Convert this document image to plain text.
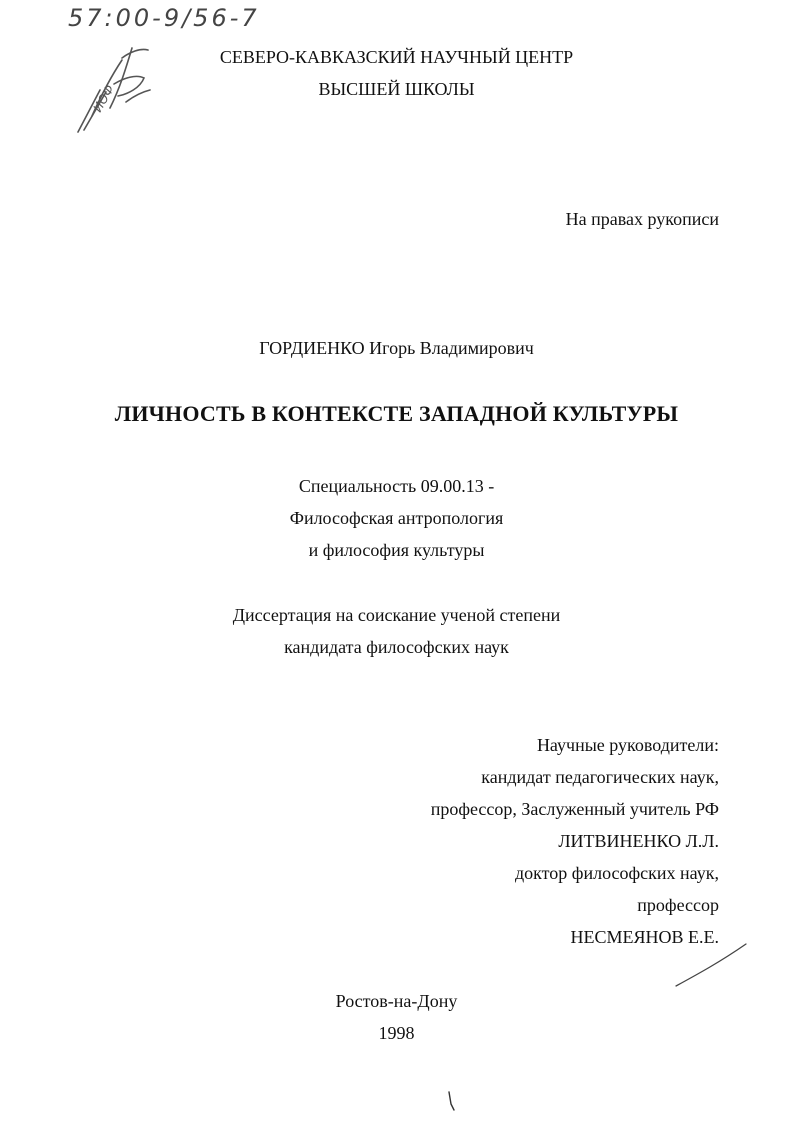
57:00-9/56-7
ИОФ
СЕВЕРО-КАВКАЗСКИЙ НАУЧНЫЙ ЦЕНТР
ВЫСШЕЙ ШКОЛЫ
На правах рукописи
ГОРДИЕНКО Игорь Владимирович
ЛИЧНОСТЬ В КОНТЕКСТЕ ЗАПАДНОЙ КУЛЬТУРЫ
Специальность 09.00.13 -
Философская антропология
и философия культуры
Диссертация на соискание ученой степени
кандидата философских наук
Научные руководители:
кандидат педагогических наук,
профессор, Заслуженный учитель РФ
ЛИТВИНЕНКО Л.Л.
доктор философских наук,
профессор
НЕСМЕЯНОВ Е.Е.
Ростов-на-Дону
1998
